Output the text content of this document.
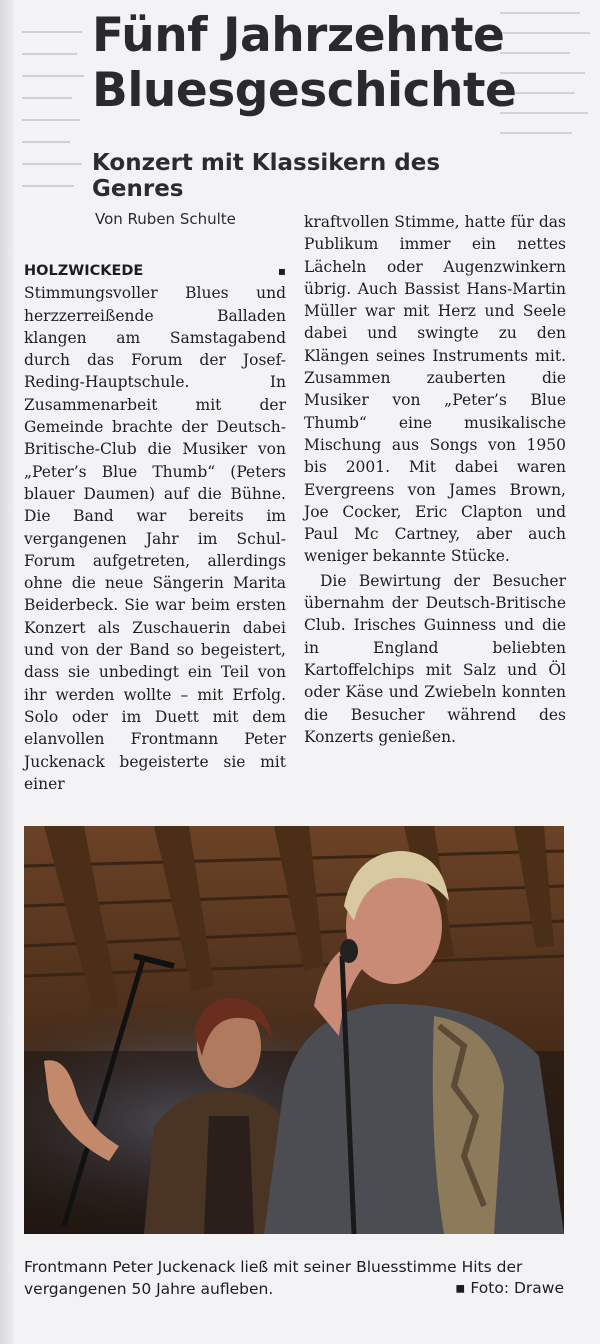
Fünf Jahrzehnte Bluesgeschichte
Konzert mit Klassikern des Genres
Von Ruben Schulte

HOLZWICKEDE	▪ Stimmungsvoller Blues und herzzerreißende Balladen klangen am Samstagabend durch das Forum der Josef-Reding-Hauptschule. In Zusammenarbeit mit der Gemeinde brachte der Deutsch-Britische-Club die Musiker von „Peter’s Blue Thumb“ (Peters blauer Daumen) auf die Bühne. Die Band war bereits im vergangenen Jahr im Schul-Forum aufgetreten, allerdings ohne die neue Sängerin Marita Beiderbeck. Sie war beim ersten Konzert als Zuschauerin dabei und von der Band so begeistert, dass sie unbedingt ein Teil von ihr werden wollte – mit Erfolg. Solo oder im Duett mit dem elanvollen Frontmann Peter Juckenack begeisterte sie mit einer

kraftvollen Stimme, hatte für das Publikum immer ein nettes Lächeln oder Augenzwinkern übrig. Auch Bassist Hans-Martin Müller war mit Herz und Seele dabei und swingte zu den Klängen seines Instruments mit. Zusammen zauberten die Musiker von „Peter’s Blue Thumb“ eine musikalische Mischung aus Songs von 1950 bis 2001. Mit dabei waren Evergreens von James Brown, Joe Cocker, Eric Clapton und Paul Mc Cartney, aber auch weniger bekannte Stücke.

Die Bewirtung der Besucher übernahm der Deutsch-Britische Club. Irisches Guinness und die in England beliebten Kartoffelchips mit Salz und Öl oder Käse und Zwiebeln konnten die Besucher während des Konzerts genießen.

Frontmann Peter Juckenack ließ mit seiner Bluesstimme Hits der vergangenen 50 Jahre aufleben.	▪ Foto: Drawe
